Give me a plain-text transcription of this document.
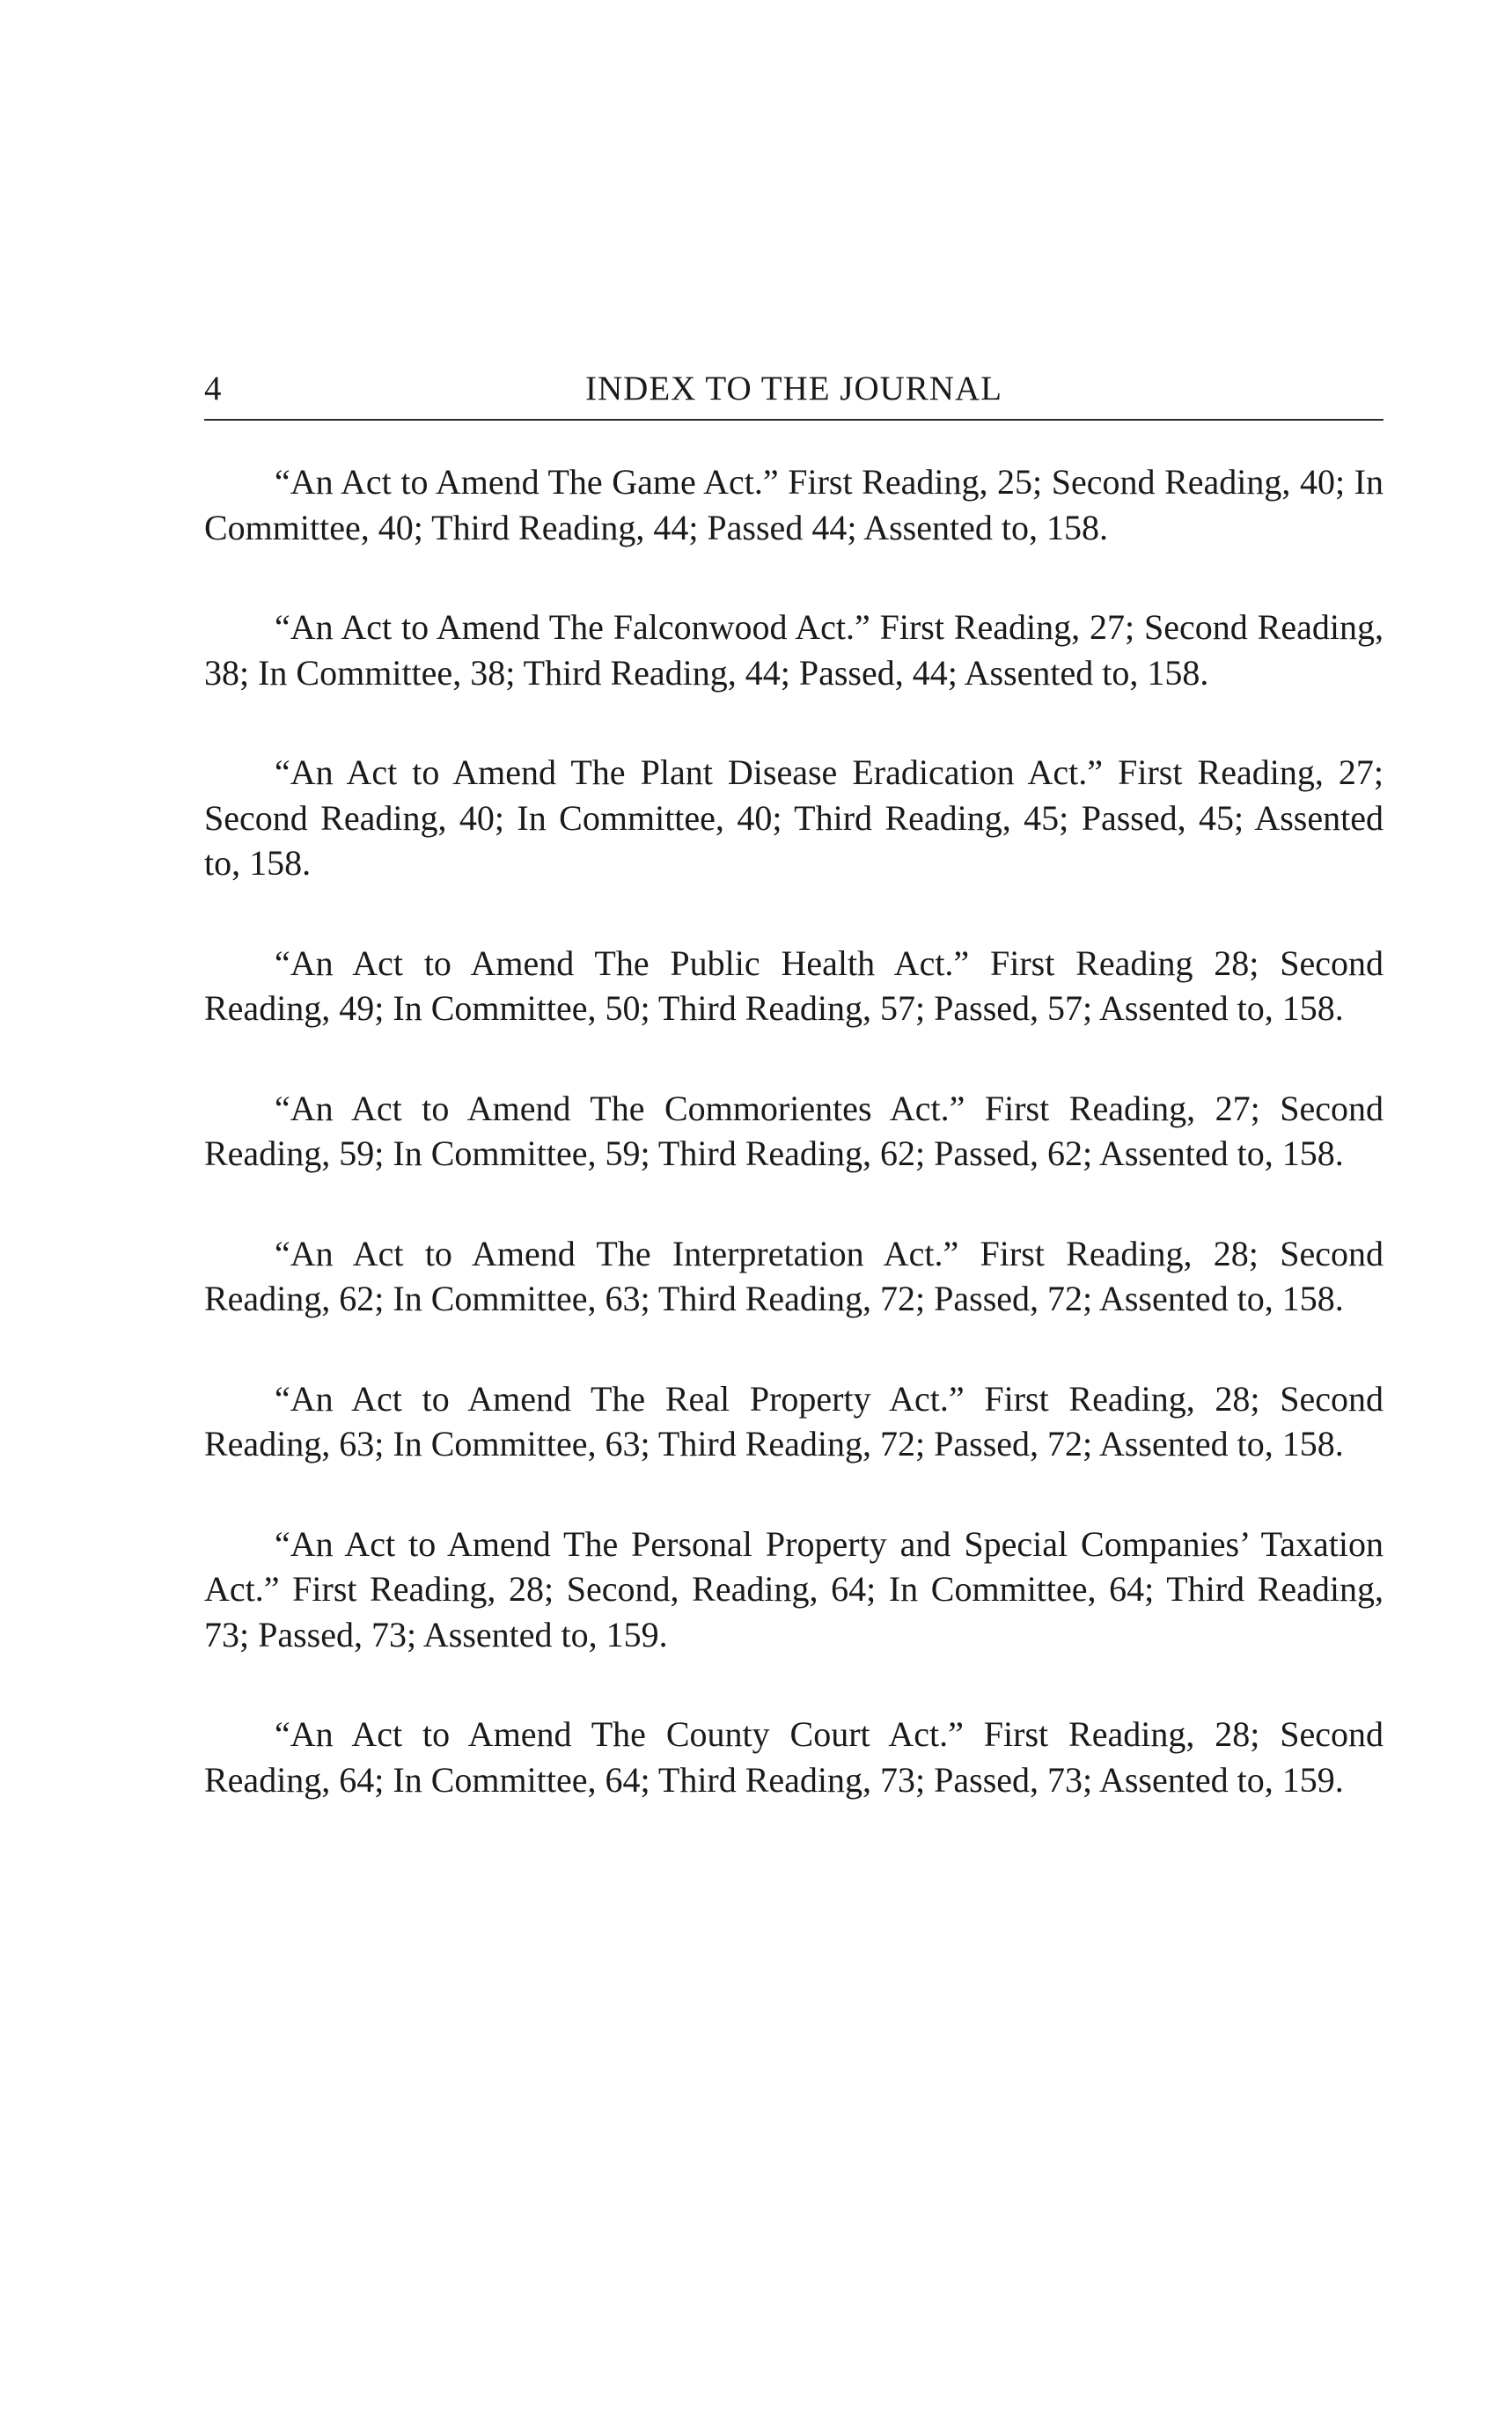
4	INDEX TO THE JOURNAL

“An Act to Amend The Game Act.” First Reading, 25; Second Reading, 40; In Committee, 40; Third Reading, 44; Passed 44; Assented to, 158.

“An Act to Amend The Falconwood Act.” First Reading, 27; Second Reading, 38; In Committee, 38; Third Reading, 44; Passed, 44; Assented to, 158.

“An Act to Amend The Plant Disease Eradication Act.” First Reading, 27; Second Reading, 40; In Committee, 40; Third Reading, 45; Passed, 45; Assented to, 158.

“An Act to Amend The Public Health Act.” First Reading 28; Second Reading, 49; In Committee, 50; Third Reading, 57; Passed, 57; Assented to, 158.

“An Act to Amend The Commorientes Act.” First Reading, 27; Second Reading, 59; In Committee, 59; Third Reading, 62; Passed, 62; Assented to, 158.

“An Act to Amend The Interpretation Act.” First Reading, 28; Second Reading, 62; In Committee, 63; Third Reading, 72; Passed, 72; Assented to, 158.

“An Act to Amend The Real Property Act.” First Reading, 28; Second Reading, 63; In Committee, 63; Third Reading, 72; Passed, 72; Assented to, 158.

“An Act to Amend The Personal Property and Special Companies’ Taxation Act.” First Reading, 28; Second, Reading, 64; In Committee, 64; Third Reading, 73; Passed, 73; Assented to, 159.

“An Act to Amend The County Court Act.” First Reading, 28; Second Reading, 64; In Committee, 64; Third Reading, 73; Passed, 73; Assented to, 159.
